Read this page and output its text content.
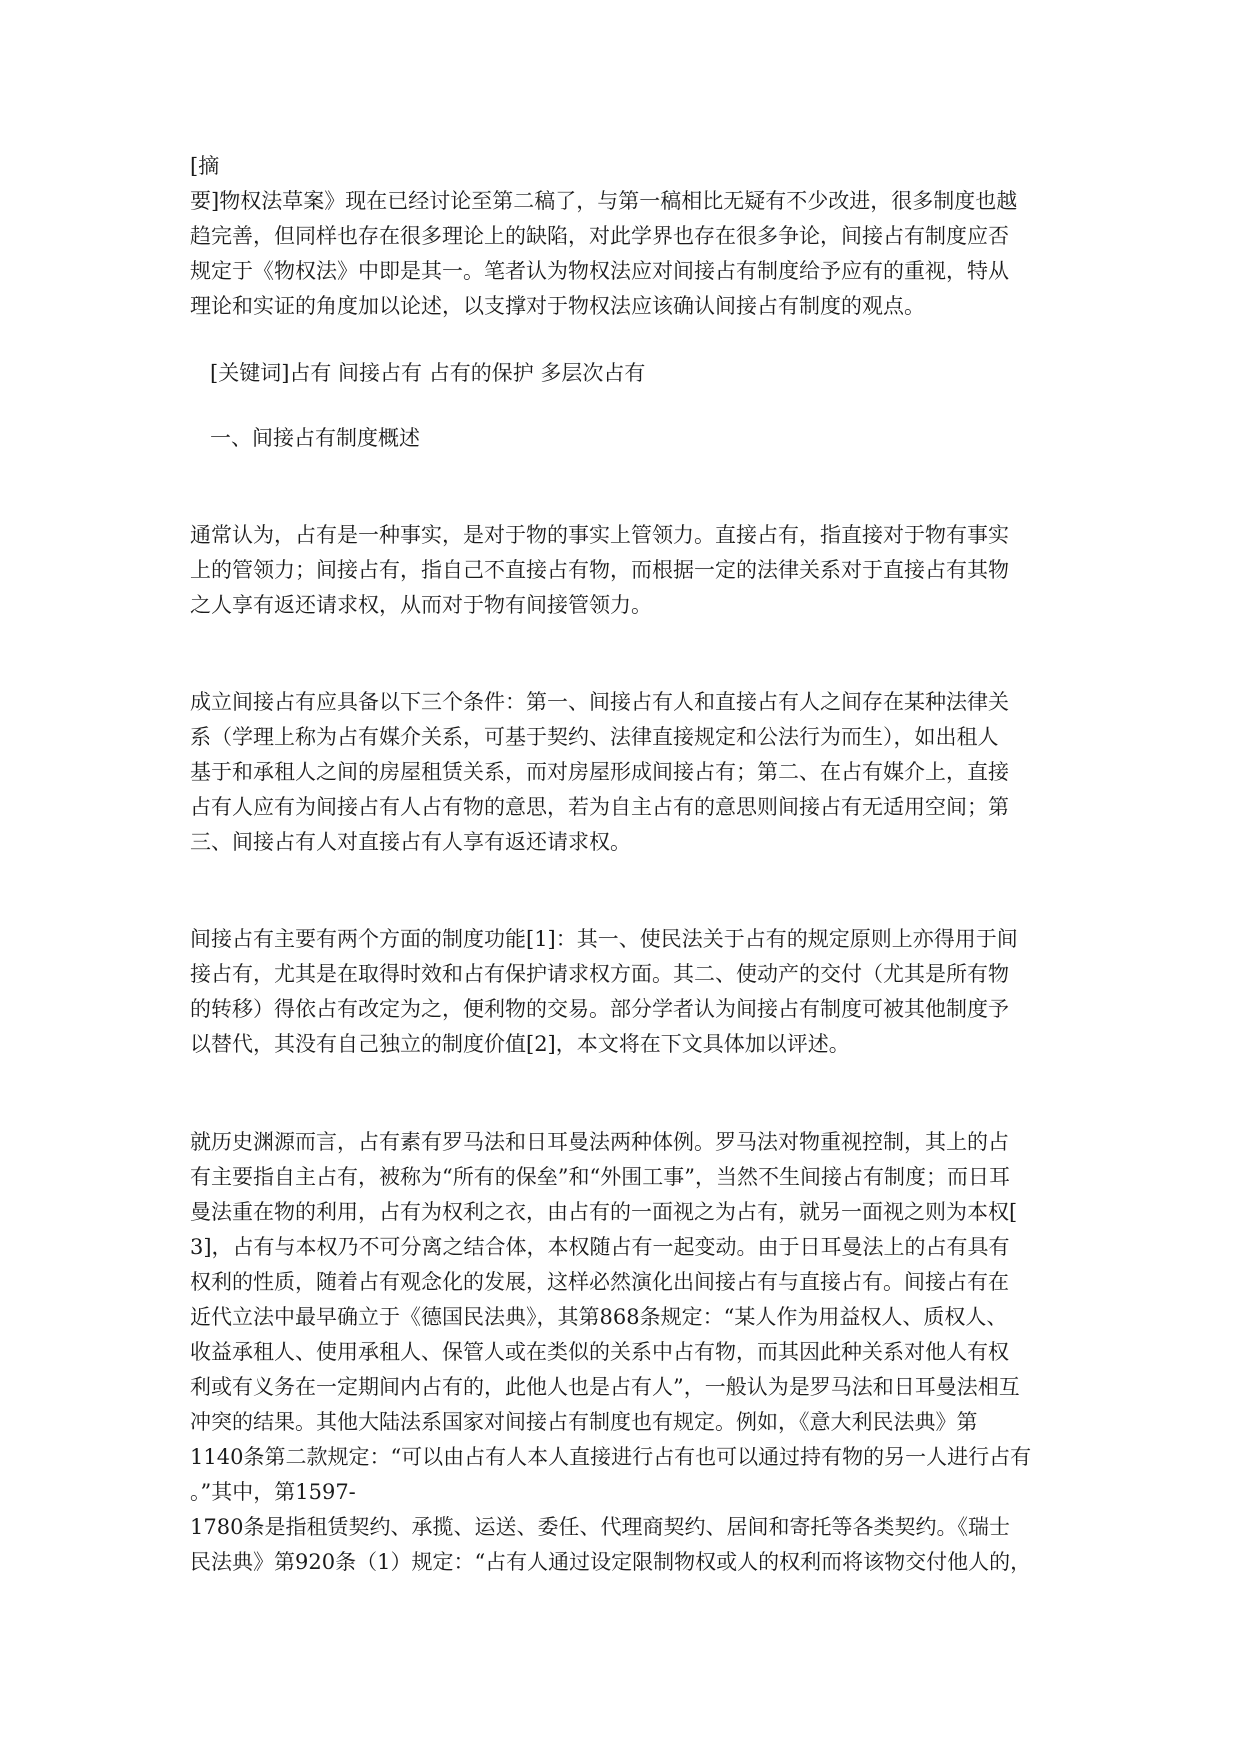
[摘
要]物权法草案》现在已经讨论至第二稿了，与第一稿相比无疑有不少改进，很多制度也越
趋完善，但同样也存在很多理论上的缺陷，对此学界也存在很多争论，间接占有制度应否
规定于《物权法》中即是其一。笔者认为物权法应对间接占有制度给予应有的重视，特从
理论和实证的角度加以论述，以支撑对于物权法应该确认间接占有制度的观点。
[关键词]占有 间接占有 占有的保护 多层次占有
一、间接占有制度概述
通常认为，占有是一种事实，是对于物的事实上管领力。直接占有，指直接对于物有事实
上的管领力；间接占有，指自己不直接占有物，而根据一定的法律关系对于直接占有其物
之人享有返还请求权，从而对于物有间接管领力。
成立间接占有应具备以下三个条件：第一、间接占有人和直接占有人之间存在某种法律关
系（学理上称为占有媒介关系，可基于契约、法律直接规定和公法行为而生），如出租人
基于和承租人之间的房屋租赁关系，而对房屋形成间接占有；第二、在占有媒介上，直接
占有人应有为间接占有人占有物的意思，若为自主占有的意思则间接占有无适用空间；第
三、间接占有人对直接占有人享有返还请求权。
间接占有主要有两个方面的制度功能[1]：其一、使民法关于占有的规定原则上亦得用于间
接占有，尤其是在取得时效和占有保护请求权方面。其二、使动产的交付（尤其是所有物
的转移）得依占有改定为之，便利物的交易。部分学者认为间接占有制度可被其他制度予
以替代，其没有自己独立的制度价值[2]，本文将在下文具体加以评述。
就历史渊源而言，占有素有罗马法和日耳曼法两种体例。罗马法对物重视控制，其上的占
有主要指自主占有，被称为“所有的保垒”和“外围工事”，当然不生间接占有制度；而日耳
曼法重在物的利用，占有为权利之衣，由占有的一面视之为占有，就另一面视之则为本权[
3]，占有与本权乃不可分离之结合体，本权随占有一起变动。由于日耳曼法上的占有具有
权利的性质，随着占有观念化的发展，这样必然演化出间接占有与直接占有。间接占有在
近代立法中最早确立于《德国民法典》，其第868条规定：“某人作为用益权人、质权人、
收益承租人、使用承租人、保管人或在类似的关系中占有物，而其因此种关系对他人有权
利或有义务在一定期间内占有的，此他人也是占有人”，一般认为是罗马法和日耳曼法相互
冲突的结果。其他大陆法系国家对间接占有制度也有规定。例如，《意大利民法典》第
1140条第二款规定：“可以由占有人本人直接进行占有也可以通过持有物的另一人进行占有
。”其中，第1597-
1780条是指租赁契约、承揽、运送、委任、代理商契约、居间和寄托等各类契约。《瑞士
民法典》第920条（1）规定：“占有人通过设定限制物权或人的权利而将该物交付他人的，
